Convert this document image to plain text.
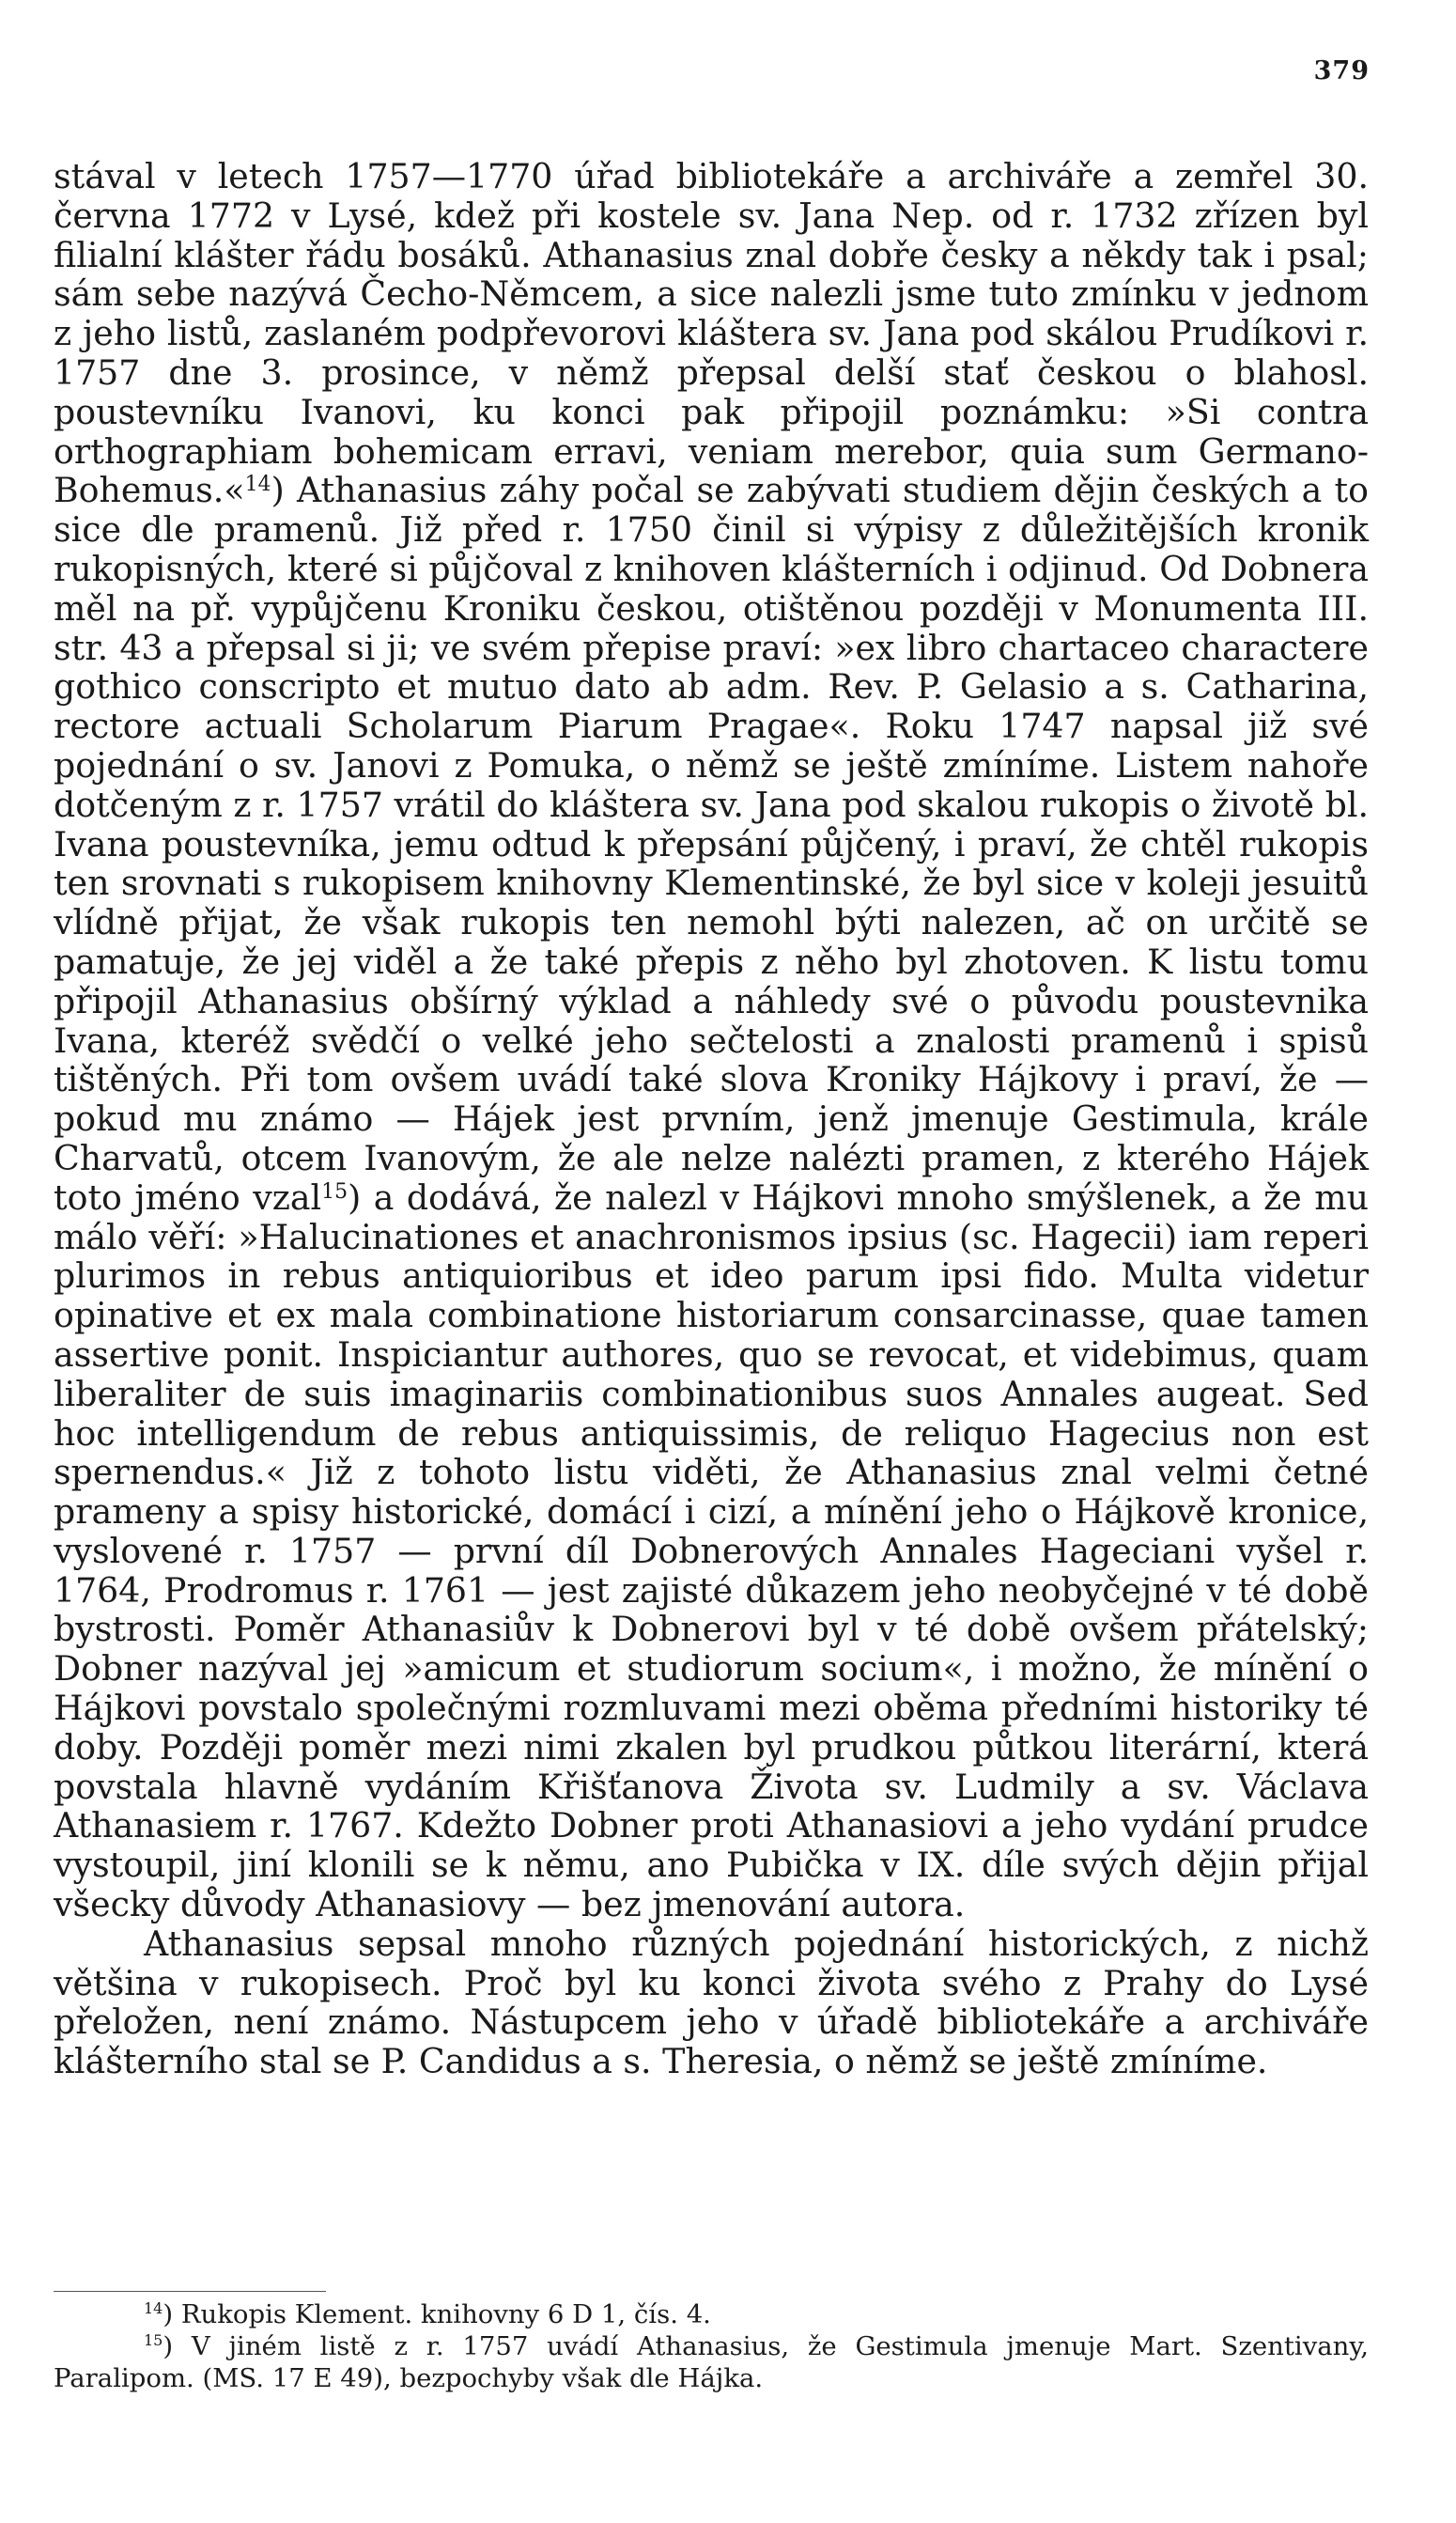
379

stával v letech 1757—1770 úřad bibliotekáře a archiváře a zemřel 30. června 1772 v Lysé, kdež při kostele sv. Jana Nep. od r. 1732 zřízen byl filialní klášter řádu bosáků. Athanasius znal dobře česky a někdy tak i psal; sám sebe nazývá Čecho-Němcem, a sice nalezli jsme tuto zmínku v jednom z jeho listů, zaslaném podpřevorovi kláštera sv. Jana pod skálou Prudíkovi r. 1757 dne 3. prosince, v němž přepsal delší stať českou o blahosl. poustevníku Ivanovi, ku konci pak připojil poznámku: »Si contra orthographiam bohemicam erravi, veniam merebor, quia sum Germano-Bohemus.«$^{14}$) Athanasius záhy počal se zabývati studiem dějin českých a to sice dle pramenů. Již před r. 1750 činil si výpisy z důležitějších kronik rukopisných, které si půjčoval z knihoven klášterních i odjinud. Od Dobnera měl na př. vypůjčenu Kroniku českou, otištěnou později v Monumenta III. str. 43 a přepsal si ji; ve svém přepise praví: »ex libro chartaceo charactere gothico conscripto et mutuo dato ab adm. Rev. P. Gelasio a s. Catharina, rectore actuali Scholarum Piarum Pragae«. Roku 1747 napsal již své pojednání o sv. Janovi z Pomuka, o němž se ještě zmíníme. Listem nahoře dotčeným z r. 1757 vrátil do kláštera sv. Jana pod skalou rukopis o životě bl. Ivana poustevníka, jemu odtud k přepsání půjčený, i praví, že chtěl rukopis ten srovnati s rukopisem knihovny Klementinské, že byl sice v koleji jesuitů vlídně přijat, že však rukopis ten nemohl býti nalezen, ač on určitě se pamatuje, že jej viděl a že také přepis z něho byl zhotoven. K listu tomu připojil Athanasius obšírný výklad a náhledy své o původu poustevnika Ivana, kteréž svědčí o velké jeho sečtelosti a znalosti pramenů i spisů tištěných. Při tom ovšem uvádí také slova Kroniky Hájkovy i praví, že — pokud mu známo — Hájek jest prvním, jenž jmenuje Gestimula, krále Charvatů, otcem Ivanovým, že ale nelze nalézti pramen, z kterého Hájek toto jméno vzal$^{15}$) a dodává, že nalezl v Hájkovi mnoho smýšlenek, a že mu málo věří: »Halucinationes et anachronismos ipsius (sc. Hagecii) iam reperi plurimos in rebus antiquioribus et ideo parum ipsi fido. Multa videtur opinative et ex mala combinatione historiarum consarcinasse, quae tamen assertive ponit. Inspiciantur authores, quo se revocat, et videbimus, quam liberaliter de suis imaginariis combinationibus suos Annales augeat. Sed hoc intelligendum de rebus antiquissimis, de reliquo Hagecius non est spernendus.« Již z tohoto listu viděti, že Athanasius znal velmi četné prameny a spisy historické, domácí i cizí, a mínění jeho o Hájkově kronice, vyslovené r. 1757 — první díl Dobnerových Annales Hageciani vyšel r. 1764, Prodromus r. 1761 — jest zajisté důkazem jeho neobyčejné v té době bystrosti. Poměr Athanasiův k Dobnerovi byl v té době ovšem přátelský; Dobner nazýval jej »amicum et studiorum socium«, i možno, že mínění o Hájkovi povstalo společnými rozmluvami mezi oběma předními historiky té doby. Později poměr mezi nimi zkalen byl prudkou půtkou literární, která povstala hlavně vydáním Křišťanova Života sv. Ludmily a sv. Václava Athanasiem r. 1767. Kdežto Dobner proti Athanasiovi a jeho vydání prudce vystoupil, jiní klonili se k němu, ano Pubička v IX. díle svých dějin přijal všecky důvody Athanasiovy — bez jmenování autora.

Athanasius sepsal mnoho různých pojednání historických, z nichž většina v rukopisech. Proč byl ku konci života svého z Prahy do Lysé přeložen, není známo. Nástupcem jeho v úřadě bibliotekáře a archiváře klášterního stal se P. Candidus a s. Theresia, o němž se ještě zmíníme.

$^{14}$) Rukopis Klement. knihovny 6 D 1, čís. 4.

$^{15}$) V jiném listě z r. 1757 uvádí Athanasius, že Gestimula jmenuje Mart. Szentivany, Paralipom. (MS. 17 E 49), bezpochyby však dle Hájka.
